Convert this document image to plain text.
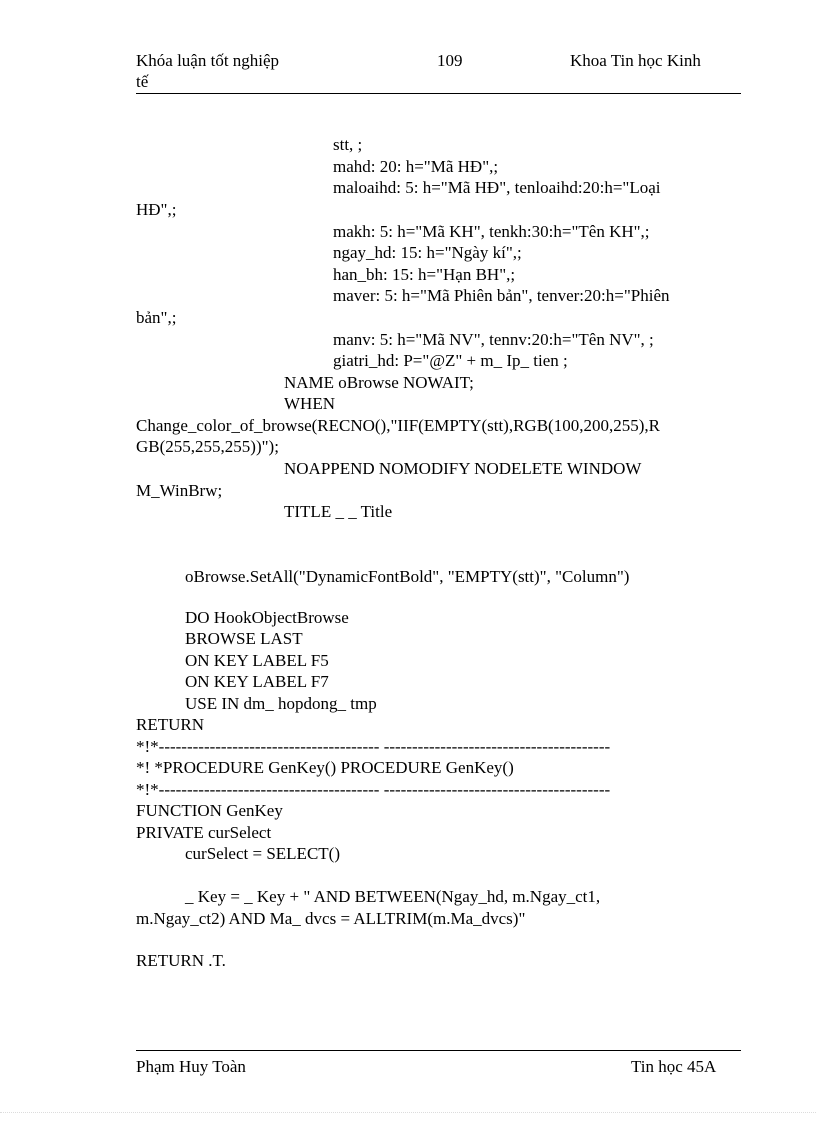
Khóa luận tốt nghiệp
tế
109	Khoa Tin học Kinh
stt, ;
mahd: 20: h="Mã HĐ",;
maloaihd: 5: h="Mã HĐ", tenloaihd:20:h="Loại
HĐ",;
makh: 5: h="Mã KH", tenkh:30:h="Tên KH",;
ngay_hd: 15: h="Ngày kí",;
han_bh: 15: h="Hạn BH",;
maver: 5: h="Mã Phiên bản", tenver:20:h="Phiên
bản",;
manv: 5: h="Mã NV", tennv:20:h="Tên NV", ;
giatri_hd: P="@Z" + m_ Ip_ tien ;
NAME oBrowse NOWAIT;
WHEN
Change_color_of_browse(RECNO(),"IIF(EMPTY(stt),RGB(100,200,255),R
GB(255,255,255))");
NOAPPEND NOMODIFY NODELETE WINDOW
M_WinBrw;
TITLE _ _ Title
oBrowse.SetAll("DynamicFontBold", "EMPTY(stt)", "Column")
DO HookObjectBrowse
BROWSE LAST
ON KEY LABEL F5
ON KEY LABEL F7
USE IN dm_ hopdong_ tmp
RETURN
*!*--------------------------------------- ----------------------------------------
*! *PROCEDURE GenKey() PROCEDURE GenKey()
*!*--------------------------------------- ----------------------------------------
FUNCTION GenKey
PRIVATE curSelect
curSelect = SELECT()
_ Key = _ Key + " AND BETWEEN(Ngay_hd, m.Ngay_ct1,
m.Ngay_ct2) AND Ma_ dvcs = ALLTRIM(m.Ma_dvcs)"
RETURN .T.
Phạm Huy Toàn	Tin học 45A
